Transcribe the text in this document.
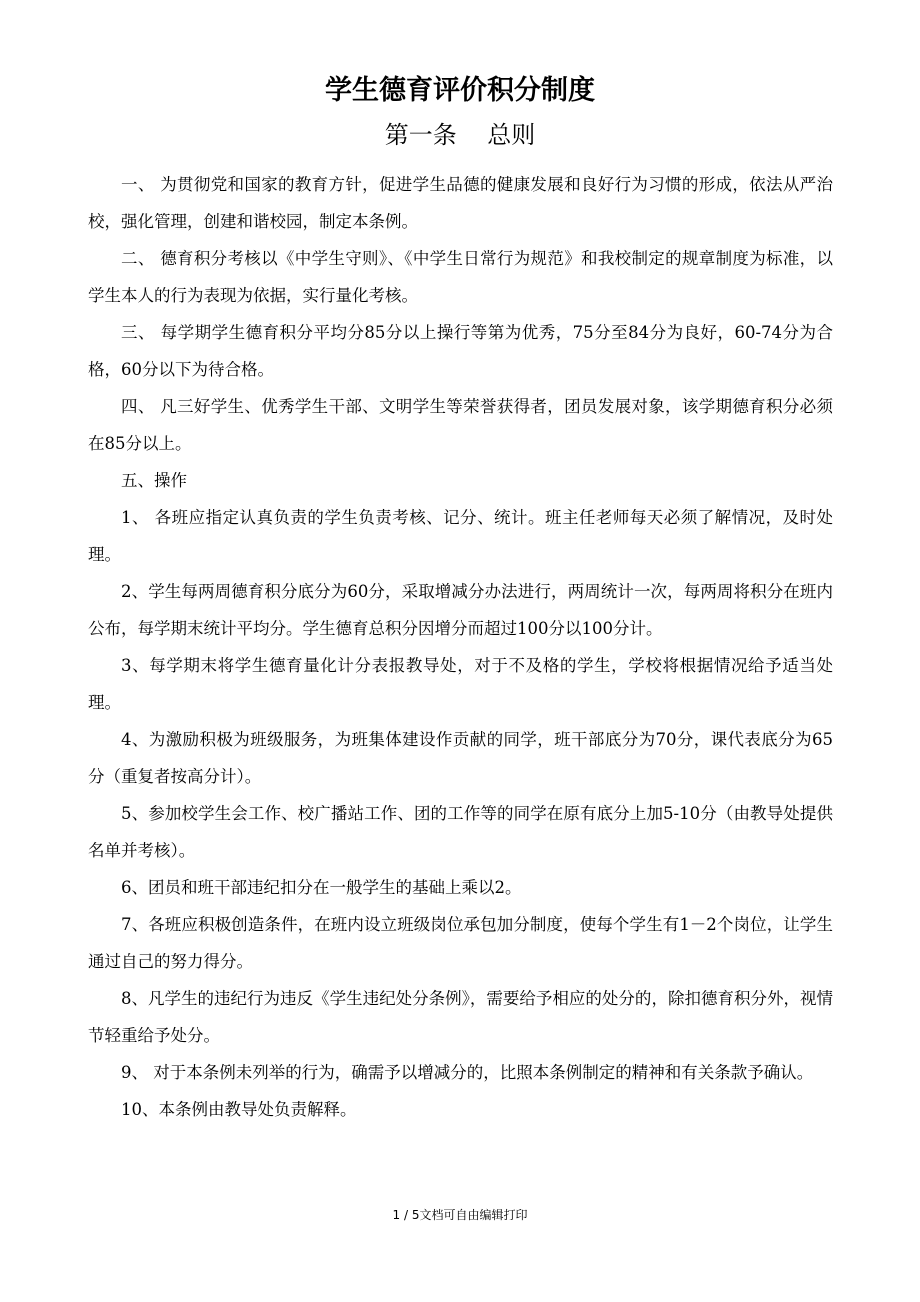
学生德育评价积分制度
第一条    总则

一、 为贯彻党和国家的教育方针，促进学生品德的健康发展和良好行为习惯的形成，依法从严治校，强化管理，创建和谐校园，制定本条例。

二、 德育积分考核以《中学生守则》、《中学生日常行为规范》和我校制定的规章制度为标准，以学生本人的行为表现为依据，实行量化考核。

三、 每学期学生德育积分平均分85分以上操行等第为优秀，75分至84分为良好，60-74分为合格，60分以下为待合格。

四、 凡三好学生、优秀学生干部、文明学生等荣誉获得者，团员发展对象，该学期德育积分必须在85分以上。

五、操作

1、 各班应指定认真负责的学生负责考核、记分、统计。班主任老师每天必须了解情况，及时处理。

2、学生每两周德育积分底分为60分，采取增减分办法进行，两周统计一次，每两周将积分在班内公布，每学期末统计平均分。学生德育总积分因增分而超过100分以100分计。

3、每学期末将学生德育量化计分表报教导处，对于不及格的学生，学校将根据情况给予适当处理。

4、为激励积极为班级服务，为班集体建设作贡献的同学，班干部底分为70分，课代表底分为65分（重复者按高分计）。

5、参加校学生会工作、校广播站工作、团的工作等的同学在原有底分上加5-10分（由教导处提供名单并考核）。

6、团员和班干部违纪扣分在一般学生的基础上乘以2。

7、各班应积极创造条件，在班内设立班级岗位承包加分制度，使每个学生有1－2个岗位，让学生通过自己的努力得分。

8、凡学生的违纪行为违反《学生违纪处分条例》，需要给予相应的处分的，除扣德育积分外，视情节轻重给予处分。

9、 对于本条例未列举的行为，确需予以增减分的，比照本条例制定的精神和有关条款予确认。

10、本条例由教导处负责解释。

1 / 5文档可自由编辑打印
